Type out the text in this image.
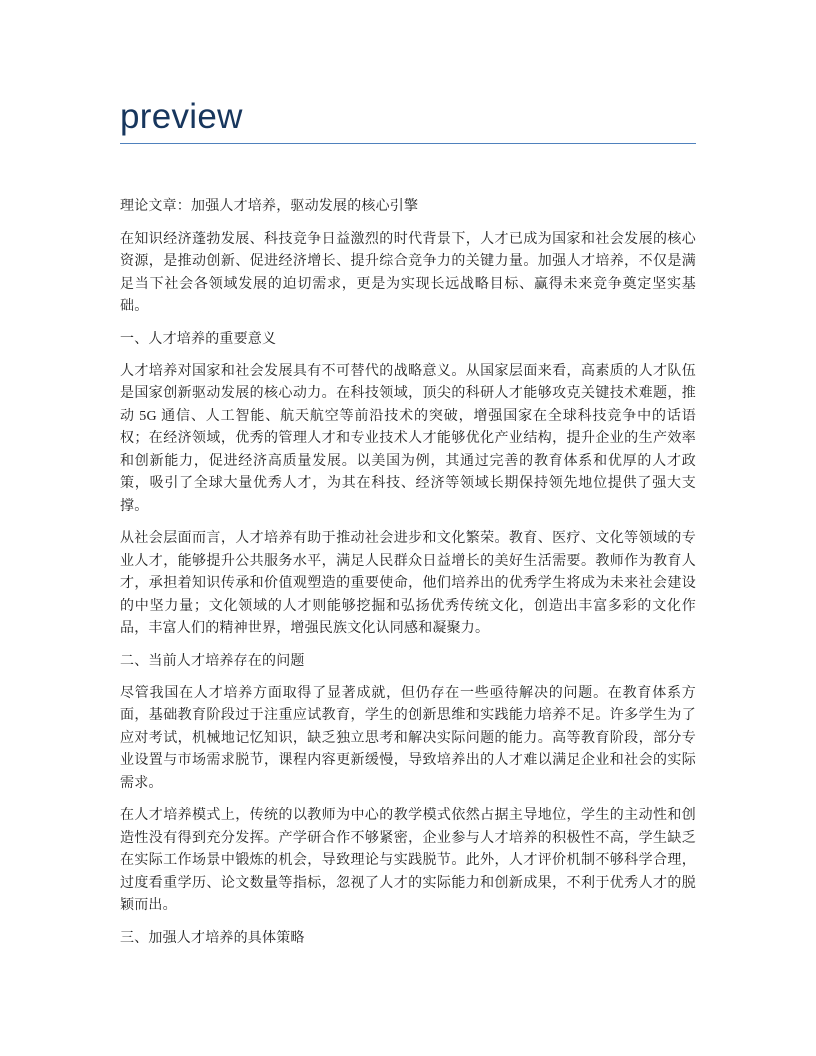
preview

理论文章：加强人才培养，驱动发展的核心引擎

在知识经济蓬勃发展、科技竞争日益激烈的时代背景下，人才已成为国家和社会发展的核心资源，是推动创新、促进经济增长、提升综合竞争力的关键力量。加强人才培养，不仅是满足当下社会各领域发展的迫切需求，更是为实现长远战略目标、赢得未来竞争奠定坚实基础。

一、人才培养的重要意义

人才培养对国家和社会发展具有不可替代的战略意义。从国家层面来看，高素质的人才队伍是国家创新驱动发展的核心动力。在科技领域，顶尖的科研人才能够攻克关键技术难题，推动 5G 通信、人工智能、航天航空等前沿技术的突破，增强国家在全球科技竞争中的话语权；在经济领域，优秀的管理人才和专业技术人才能够优化产业结构，提升企业的生产效率和创新能力，促进经济高质量发展。以美国为例，其通过完善的教育体系和优厚的人才政策，吸引了全球大量优秀人才，为其在科技、经济等领域长期保持领先地位提供了强大支撑。

从社会层面而言，人才培养有助于推动社会进步和文化繁荣。教育、医疗、文化等领域的专业人才，能够提升公共服务水平，满足人民群众日益增长的美好生活需要。教师作为教育人才，承担着知识传承和价值观塑造的重要使命，他们培养出的优秀学生将成为未来社会建设的中坚力量；文化领域的人才则能够挖掘和弘扬优秀传统文化，创造出丰富多彩的文化作品，丰富人们的精神世界，增强民族文化认同感和凝聚力。

二、当前人才培养存在的问题

尽管我国在人才培养方面取得了显著成就，但仍存在一些亟待解决的问题。在教育体系方面，基础教育阶段过于注重应试教育，学生的创新思维和实践能力培养不足。许多学生为了应对考试，机械地记忆知识，缺乏独立思考和解决实际问题的能力。高等教育阶段，部分专业设置与市场需求脱节，课程内容更新缓慢，导致培养出的人才难以满足企业和社会的实际需求。

在人才培养模式上，传统的以教师为中心的教学模式依然占据主导地位，学生的主动性和创造性没有得到充分发挥。产学研合作不够紧密，企业参与人才培养的积极性不高，学生缺乏在实际工作场景中锻炼的机会，导致理论与实践脱节。此外，人才评价机制不够科学合理，过度看重学历、论文数量等指标，忽视了人才的实际能力和创新成果，不利于优秀人才的脱颖而出。

三、加强人才培养的具体策略
